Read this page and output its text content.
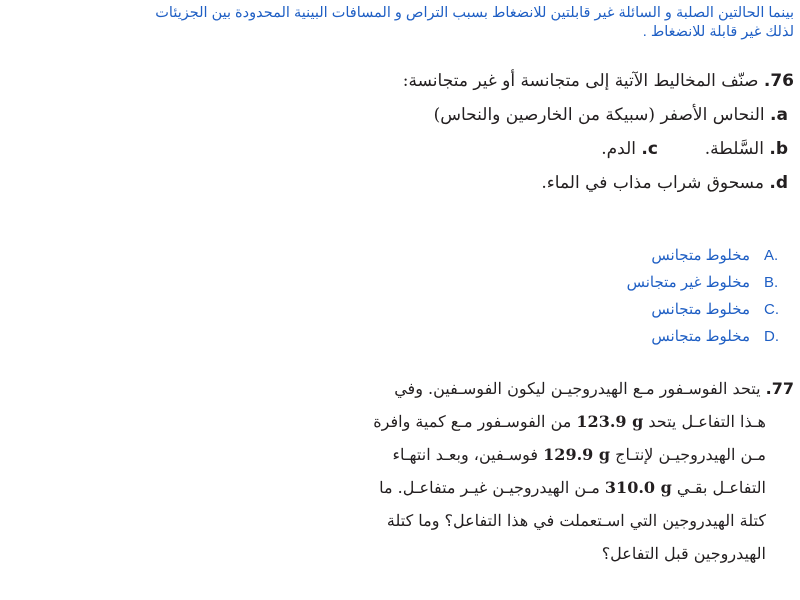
بينما الحالتين الصلبة و السائلة غير قابلتين للانضغاط بسبب التراص و المسافات البينية المحدودة بين الجزيئات
لذلك غير قابلة للانضغاط .
76. صنّف المخاليط الآتية إلى متجانسة أو غير متجانسة:
a. النحاس الأصفر (سبيكة من الخارصين والنحاس)
b. السَّلطة.  c. الدم.
d. مسحوق شراب مذاب في الماء.
مخلوط متجانس A.
مخلوط غير متجانس B.
مخلوط متجانس C.
مخلوط متجانس D.
77. يتحد الفوسـفور مـع الهيدروجيـن ليكون الفوسـفين. وفي
هـذا التفاعـل يتحد 123.9 g من الفوسـفور مـع كمية وافرة
مـن الهيدروجيـن لإنتـاج 129.9 g فوسـفين، وبعـد انتهـاء
التفاعـل بقـي 310.0 g مـن الهيدروجيـن غيـر متفاعـل. ما
كتلة الهيدروجين التي اسـتعملت في هذا التفاعل؟ وما كتلة
الهيدروجين قبل التفاعل؟
